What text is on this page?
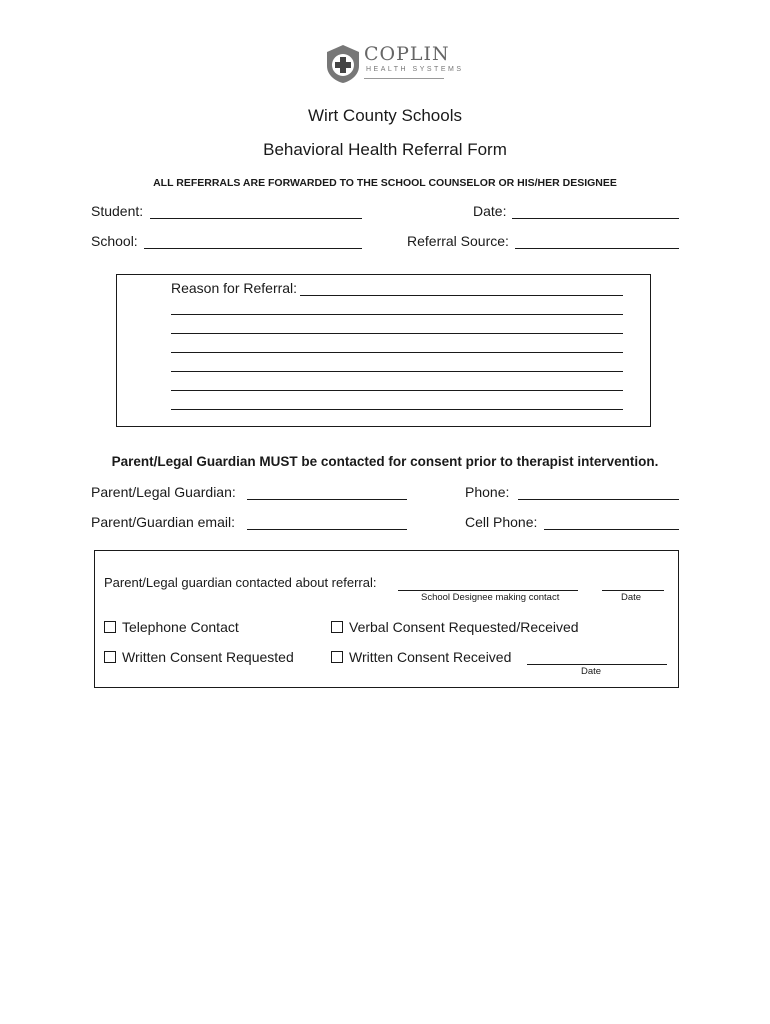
COPLIN
HEALTH SYSTEMS
Wirt County Schools
Behavioral Health Referral Form
ALL REFERRALS ARE FORWARDED TO THE SCHOOL COUNSELOR OR HIS/HER DESIGNEE
Student:	Date:
School:	Referral Source:
Reason for Referral:
Parent/Legal Guardian MUST be contacted for consent prior to therapist intervention.
Parent/Legal Guardian:	Phone:
Parent/Guardian email:	Cell Phone:
Parent/Legal guardian contacted about referral:
School Designee making contact	Date
Telephone Contact	Verbal Consent Requested/Received
Written Consent Requested	Written Consent Received
Date
